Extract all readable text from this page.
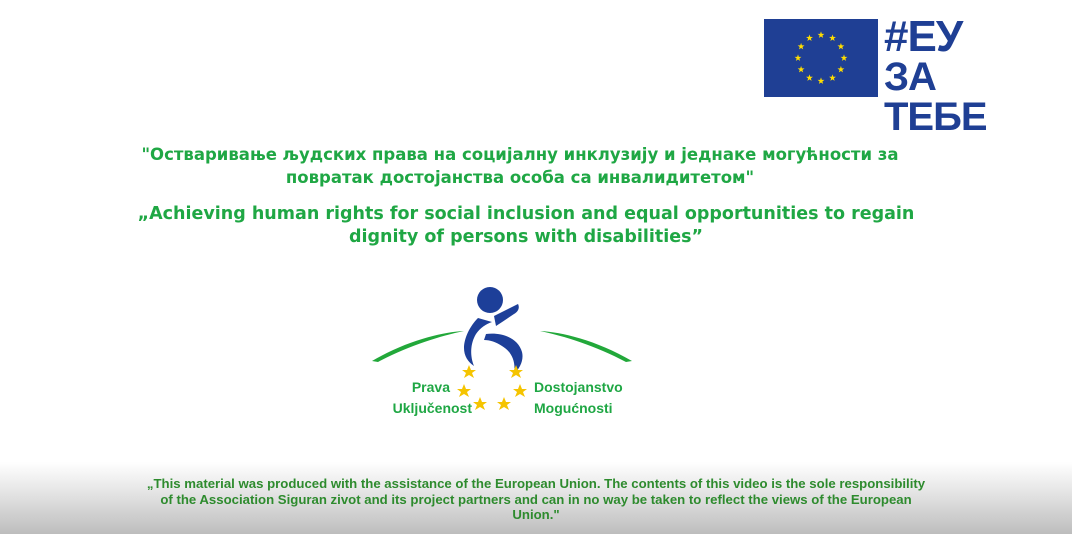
#ЕУ
ЗА ТЕБЕ

"Остваривање људских права на социјалну инклузију и једнаке могућности за повратак достојанства особа са инвалидитетом"

„Achieving human rights for social inclusion and equal opportunities to regain dignity of persons with disabilities”

Prava
Uključenost
Dostojanstvo
Mogućnosti

„This material was produced with the assistance of the European Union. The contents of this video is the sole responsibility of the Association Siguran zivot and its project partners and can in no way be taken to reflect the views of the European Union."
